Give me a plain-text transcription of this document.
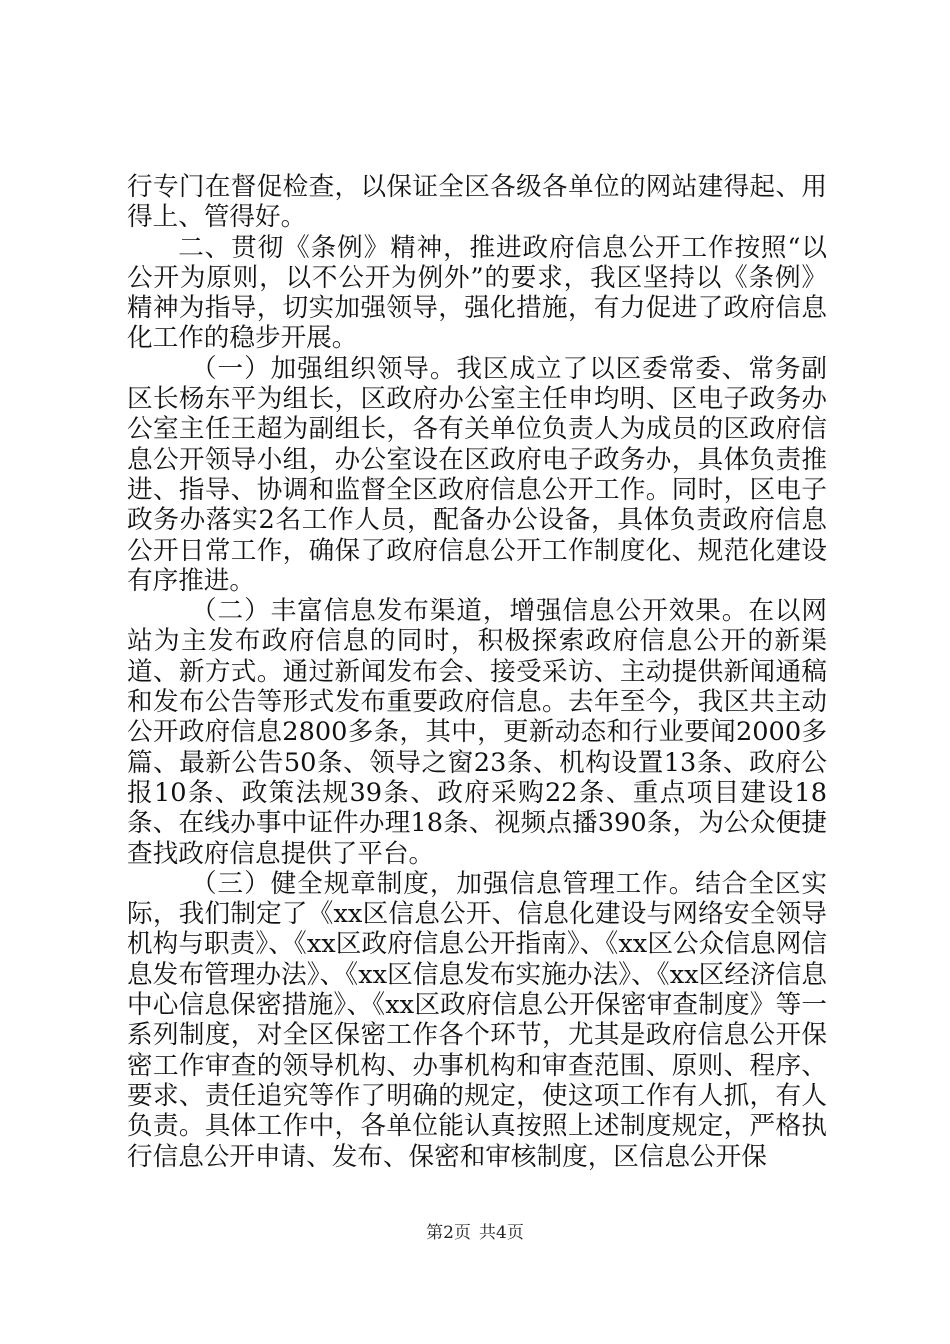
行专门在督促检查，以保证全区各级各单位的网站建得起、用得上、管得好。

二、贯彻《条例》精神，推进政府信息公开工作按照“以公开为原则，以不公开为例外”的要求，我区坚持以《条例》精神为指导，切实加强领导，强化措施，有力促进了政府信息化工作的稳步开展。

（一）加强组织领导。我区成立了以区委常委、常务副区长杨东平为组长，区政府办公室主任申均明、区电子政务办公室主任王超为副组长，各有关单位负责人为成员的区政府信息公开领导小组，办公室设在区政府电子政务办，具体负责推进、指导、协调和监督全区政府信息公开工作。同时，区电子政务办落实2名工作人员，配备办公设备，具体负责政府信息公开日常工作，确保了政府信息公开工作制度化、规范化建设有序推进。

（二）丰富信息发布渠道，增强信息公开效果。在以网站为主发布政府信息的同时，积极探索政府信息公开的新渠道、新方式。通过新闻发布会、接受采访、主动提供新闻通稿和发布公告等形式发布重要政府信息。去年至今，我区共主动公开政府信息2800多条，其中，更新动态和行业要闻2000多篇、最新公告50条、领导之窗23条、机构设置13条、政府公报10条、政策法规39条、政府采购22条、重点项目建设18条、在线办事中证件办理18条、视频点播390条，为公众便捷查找政府信息提供了平台。

（三）健全规章制度，加强信息管理工作。结合全区实际，我们制定了《xx区信息公开、信息化建设与网络安全领导机构与职责》、《xx区政府信息公开指南》、《xx区公众信息网信息发布管理办法》、《xx区信息发布实施办法》、《xx区经济信息中心信息保密措施》、《xx区政府信息公开保密审查制度》等一系列制度，对全区保密工作各个环节，尤其是政府信息公开保密工作审查的领导机构、办事机构和审查范围、原则、程序、要求、责任追究等作了明确的规定，使这项工作有人抓，有人负责。具体工作中，各单位能认真按照上述制度规定，严格执行信息公开申请、发布、保密和审核制度，区信息公开保

第2页 共4页
